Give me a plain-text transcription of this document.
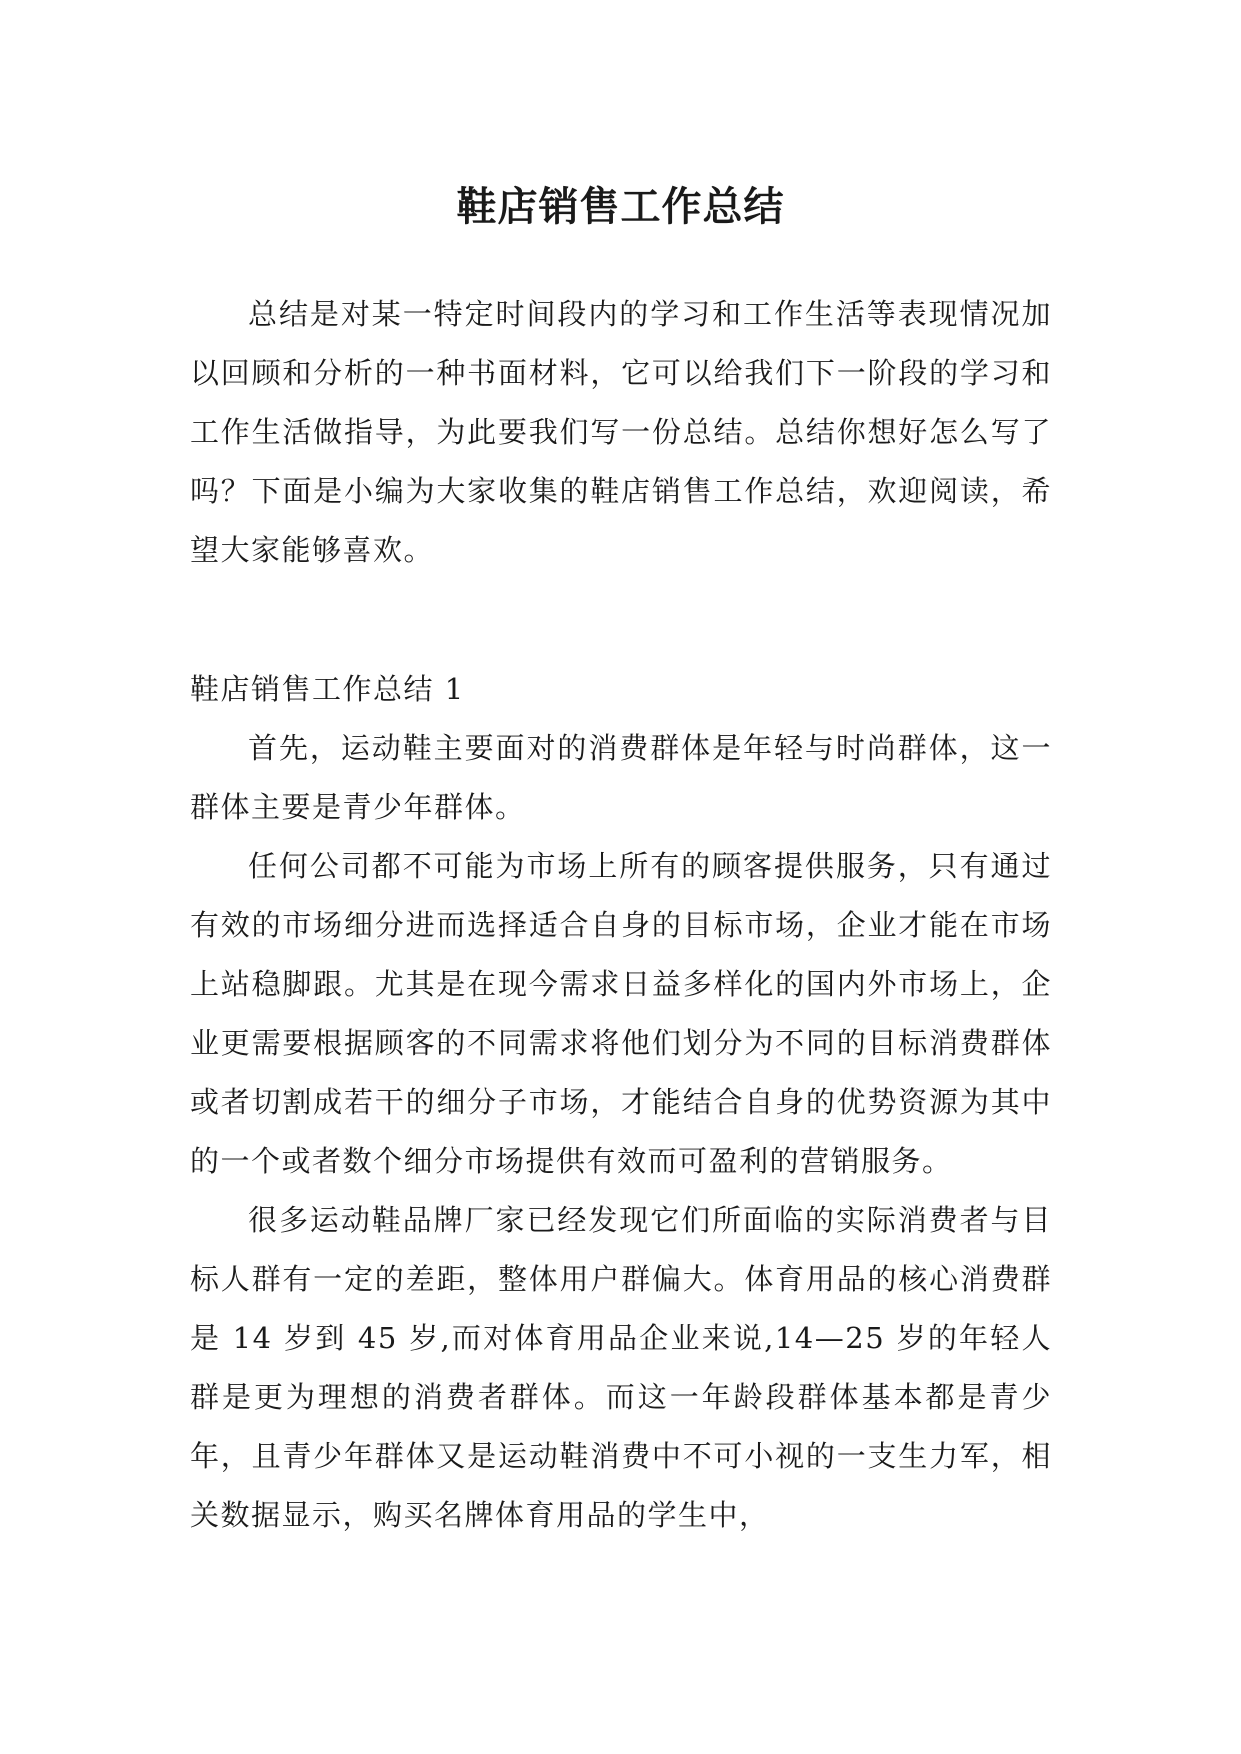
鞋店销售工作总结

总结是对某一特定时间段内的学习和工作生活等表现情况加以回顾和分析的一种书面材料，它可以给我们下一阶段的学习和工作生活做指导，为此要我们写一份总结。总结你想好怎么写了吗？下面是小编为大家收集的鞋店销售工作总结，欢迎阅读，希望大家能够喜欢。

鞋店销售工作总结 1

首先，运动鞋主要面对的消费群体是年轻与时尚群体，这一群体主要是青少年群体。

任何公司都不可能为市场上所有的顾客提供服务，只有通过有效的市场细分进而选择适合自身的目标市场，企业才能在市场上站稳脚跟。尤其是在现今需求日益多样化的国内外市场上，企业更需要根据顾客的不同需求将他们划分为不同的目标消费群体或者切割成若干的细分子市场，才能结合自身的优势资源为其中的一个或者数个细分市场提供有效而可盈利的营销服务。

很多运动鞋品牌厂家已经发现它们所面临的实际消费者与目标人群有一定的差距，整体用户群偏大。体育用品的核心消费群是 14 岁到 45 岁,而对体育用品企业来说,14—25 岁的年轻人群是更为理想的消费者群体。而这一年龄段群体基本都是青少年，且青少年群体又是运动鞋消费中不可小视的一支生力军，相关数据显示，购买名牌体育用品的学生中，
